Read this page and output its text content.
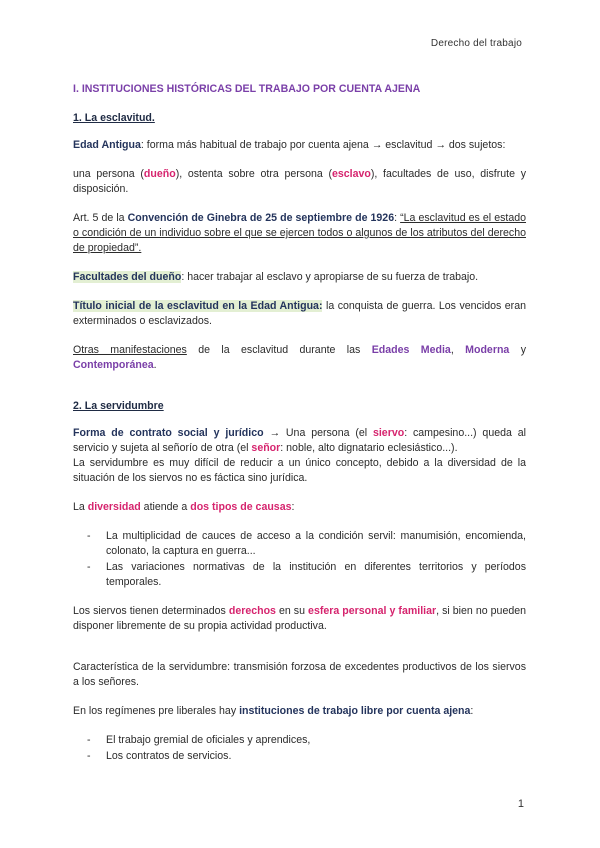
Derecho del trabajo

I. INSTITUCIONES HISTÓRICAS DEL TRABAJO POR CUENTA AJENA

1. La esclavitud.

Edad Antigua: forma más habitual de trabajo por cuenta ajena → esclavitud → dos sujetos:

una persona (dueño), ostenta sobre otra persona (esclavo), facultades de uso, disfrute y disposición.

Art. 5 de la Convención de Ginebra de 25 de septiembre de 1926: “La esclavitud es el estado o condición de un individuo sobre el que se ejercen todos o algunos de los atributos del derecho de propiedad”.

Facultades del dueño: hacer trabajar al esclavo y apropiarse de su fuerza de trabajo.

Título inicial de la esclavitud en la Edad Antigua: la conquista de guerra. Los vencidos eran exterminados o esclavizados.

Otras manifestaciones de la esclavitud durante las Edades Media, Moderna y Contemporánea.

2. La servidumbre

Forma de contrato social y jurídico → Una persona (el siervo: campesino...) queda al servicio y sujeta al señorío de otra (el señor: noble, alto dignatario eclesiástico...).

La servidumbre es muy difícil de reducir a un único concepto, debido a la diversidad de la situación de los siervos no es fáctica sino jurídica.

La diversidad atiende a dos tipos de causas:

- La multiplicidad de cauces de acceso a la condición servil: manumisión, encomienda, colonato, la captura en guerra...
- Las variaciones normativas de la institución en diferentes territorios y períodos temporales.

Los siervos tienen determinados derechos en su esfera personal y familiar, si bien no pueden disponer libremente de su propia actividad productiva.

Característica de la servidumbre: transmisión forzosa de excedentes productivos de los siervos a los señores.

En los regímenes pre liberales hay instituciones de trabajo libre por cuenta ajena:

- El trabajo gremial de oficiales y aprendices,
- Los contratos de servicios.
1
